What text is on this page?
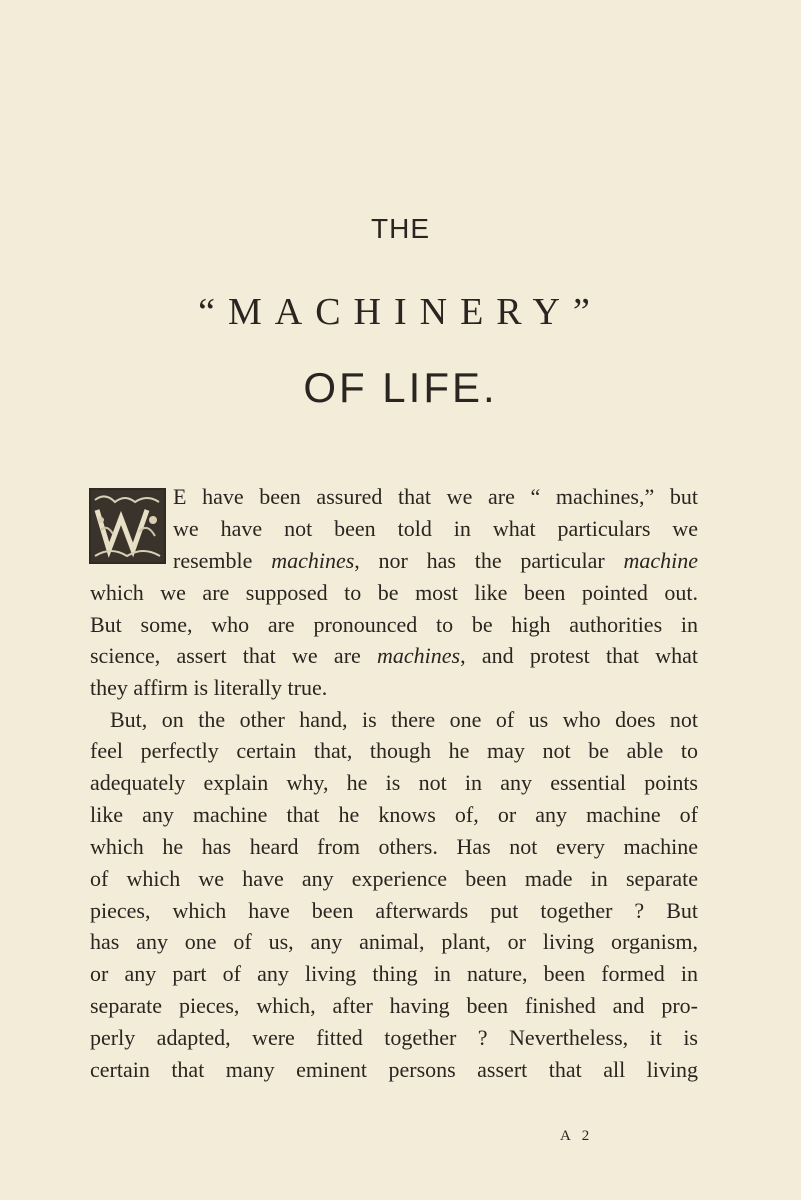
THE
“MACHINERY”
OF LIFE.
E have been assured that we are “ machines,” but
we have not been told in what particulars we
resemble machines, nor has the particular machine
which we are supposed to be most like been pointed out.
But some, who are pronounced to be high authorities in
science, assert that we are machines, and protest that what
they affirm is literally true.
But, on the other hand, is there one of us who does not
feel perfectly certain that, though he may not be able to
adequately explain why, he is not in any essential points
like any machine that he knows of, or any machine of
which he has heard from others. Has not every machine
of which we have any experience been made in separate
pieces, which have been afterwards put together ? But
has any one of us, any animal, plant, or living organism,
or any part of any living thing in nature, been formed in
separate pieces, which, after having been finished and pro-
perly adapted, were fitted together ? Nevertheless, it is
certain that many eminent persons assert that all living
A 2
